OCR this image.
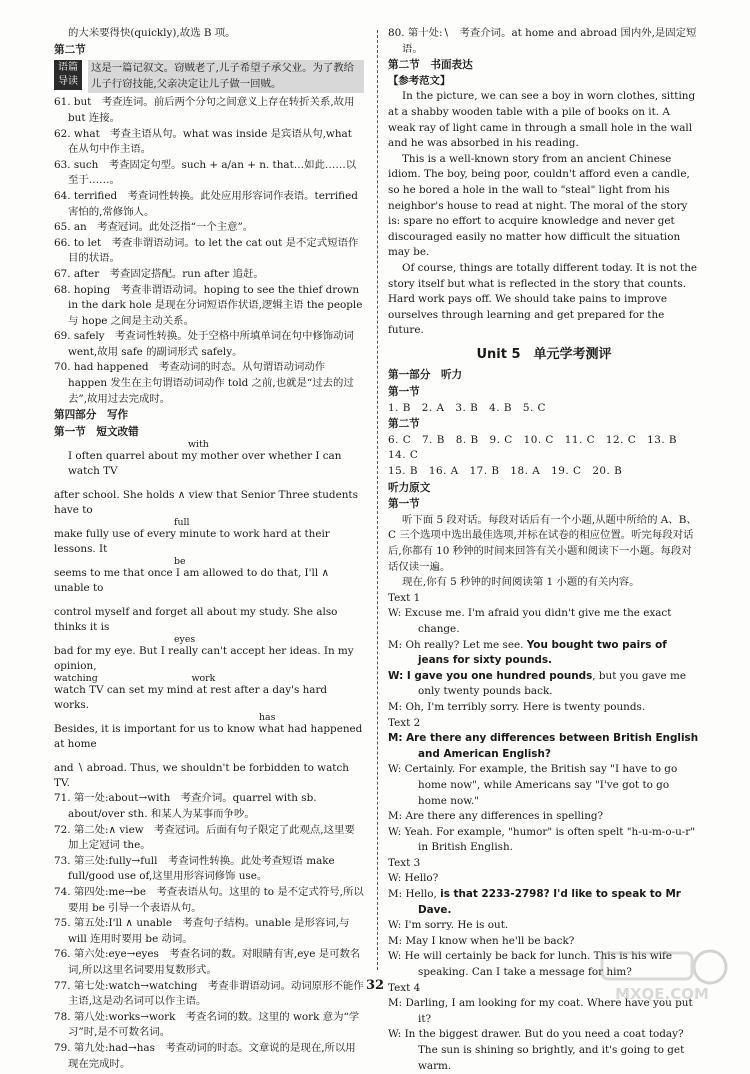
的大米要得快(quickly),故选 B 项。
第二节
语篇导读
这是一篇记叙文。窃贼老了,儿子希望子承父业。为了教给儿子行窃技能,父亲决定让儿子做一回贼。
61. but　考查连词。前后两个分句之间意义上存在转折关系,故用 but 连接。
62. what　考查主语从句。what was inside 是宾语从句,what 在从句中作主语。
63. such　考查固定句型。such + a/an + n. that…如此……以至于……。
64. terrified　考查词性转换。此处应用形容词作表语。terrified 害怕的,常修饰人。
65. an　考查冠词。此处泛指“一个主意”。
66. to let　考查非谓语动词。to let the cat out 是不定式短语作目的状语。
67. after　考查固定搭配。run after 追赶。
68. hoping　考查非谓语动词。hoping to see the thief drown in the dark hole 是现在分词短语作状语,逻辑主语 the people 与 hope 之间是主动关系。
69. safely　考查词性转换。处于空格中所填单词在句中修饰动词 went,故用 safe 的副词形式 safely。
70. had happened　考查动词的时态。从句谓语动词动作 happen 发生在主句谓语动词动作 told 之前,也就是“过去的过去”,故用过去完成时。
第四部分　写作
第一节　短文改错
with
I often quarrel about my mother over whether I can watch TV
after school. She holds ∧ view that Senior Three students have to
full
make fully use of every minute to work hard at their lessons. It
be
seems to me that once I am allowed to do that, I'll ∧ unable to
control myself and forget all about my study. She also thinks it is
eyes
bad for my eye. But I really can't accept her ideas. In my opinion,
watching　　　　　　　　　　work
watch TV can set my mind at rest after a day's hard works.
has
Besides, it is important for us to know what had happened at home
and ∖ abroad. Thus, we shouldn't be forbidden to watch TV.
71. 第一处:about→with　考查介词。quarrel with sb. about/over sth. 和某人为某事而争吵。
72. 第二处:∧ view　考查冠词。后面有句子限定了此观点,这里要加上定冠词 the。
73. 第三处:fully→full　考查词性转换。此处考查短语 make full/good use of,这里用形容词修饰 use。
74. 第四处:me→be　考查表语从句。这里的 to 是不定式符号,所以要用 be 引导一个表语从句。
75. 第五处:I'll ∧ unable　考查句子结构。unable 是形容词,与 will 连用时要用 be 动词。
76. 第六处:eye→eyes　考查名词的数。对眼睛有害,eye 是可数名词,所以这里名词要用复数形式。
77. 第七处:watch→watching　考查非谓语动词。动词原形不能作主语,这是动名词可以作主语。
78. 第八处:works→work　考查名词的数。这里的 work 意为“学习”时,是不可数名词。
79. 第九处:had→has　考查动词的时态。文章说的是现在,所以用现在完成时。
80. 第十处:∖　考查介词。at home and abroad 国内外,是固定短语。
第二节　书面表达
【参考范文】
In the picture, we can see a boy in worn clothes, sitting at a shabby wooden table with a pile of books on it. A weak ray of light came in through a small hole in the wall and he was absorbed in his reading.
This is a well-known story from an ancient Chinese idiom. The boy, being poor, couldn't afford even a candle, so he bored a hole in the wall to "steal" light from his neighbor's house to read at night. The moral of the story is: spare no effort to acquire knowledge and never get discouraged easily no matter how difficult the situation may be.
Of course, things are totally different today. It is not the story itself but what is reflected in the story that counts. Hard work pays off. We should take pains to improve ourselves through learning and get prepared for the future.
Unit 5　单元学考测评
第一部分　听力
第一节
1. B　2. A　3. B　4. B　5. C
第二节
6. C　7. B　8. B　9. C　10. C　11. C　12. C　13. B　14. C
15. B　16. A　17. B　18. A　19. C　20. B
听力原文
第一节
听下面 5 段对话。每段对话后有一个小题,从题中所给的 A、B、C 三个选项中选出最佳选项,并标在试卷的相应位置。听完每段对话后,你都有 10 秒钟的时间来回答有关小题和阅读下一小题。每段对话仅读一遍。
现在,你有 5 秒钟的时间阅读第 1 小题的有关内容。
Text 1
W: Excuse me. I'm afraid you didn't give me the exact change.
M: Oh really? Let me see. You bought two pairs of jeans for sixty pounds.
W: I gave you one hundred pounds, but you gave me only twenty pounds back.
M: Oh, I'm terribly sorry. Here is twenty pounds.
Text 2
M: Are there any differences between British English and American English?
W: Certainly. For example, the British say "I have to go home now", while Americans say "I've got to go home now."
M: Are there any differences in spelling?
W: Yeah. For example, "humor" is often spelt "h-u-m-o-u-r" in British English.
Text 3
W: Hello?
M: Hello, is that 2233-2798? I'd like to speak to Mr Dave.
W: I'm sorry. He is out.
M: May I know when he'll be back?
W: He will certainly be back for lunch. This is his wife speaking. Can I take a message for him?
Text 4
M: Darling, I am looking for my coat. Where have you put it?
W: In the biggest drawer. But do you need a coat today? The sun is shining so brightly, and it's going to get warm.
32	MXQE.COM
